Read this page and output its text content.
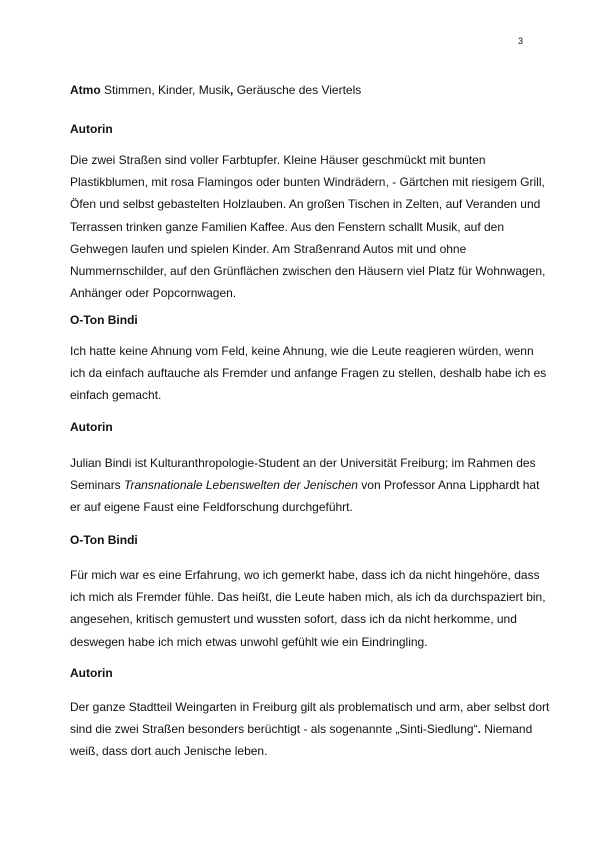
3
Atmo Stimmen, Kinder, Musik, Geräusche des Viertels
Autorin
Die zwei Straßen sind voller Farbtupfer. Kleine Häuser geschmückt mit bunten
Plastikblumen, mit rosa Flamingos oder bunten Windrädern, - Gärtchen mit riesigem Grill,
Öfen und selbst gebastelten Holzlauben. An großen Tischen in Zelten, auf Veranden und
Terrassen trinken ganze Familien Kaffee. Aus den Fenstern schallt Musik, auf den
Gehwegen laufen und spielen Kinder. Am Straßenrand Autos mit und ohne
Nummernschilder, auf den Grünflächen zwischen den Häusern viel Platz für Wohnwagen,
Anhänger oder Popcornwagen.
O-Ton Bindi
Ich hatte keine Ahnung vom Feld, keine Ahnung, wie die Leute reagieren würden, wenn
ich da einfach auftauche als Fremder und anfange Fragen zu stellen, deshalb habe ich es
einfach gemacht.
Autorin
Julian Bindi ist Kulturanthropologie-Student an der Universität Freiburg; im Rahmen des
Seminars Transnationale Lebenswelten der Jenischen von Professor Anna Lipphardt hat
er auf eigene Faust eine Feldforschung durchgeführt.
O-Ton Bindi
Für mich war es eine Erfahrung, wo ich gemerkt habe, dass ich da nicht hingehöre, dass
ich mich als Fremder fühle. Das heißt, die Leute haben mich, als ich da durchspaziert bin,
angesehen, kritisch gemustert und wussten sofort, dass ich da nicht herkomme, und
deswegen habe ich mich etwas unwohl gefühlt wie ein Eindringling.
Autorin
Der ganze Stadtteil Weingarten in Freiburg gilt als problematisch und arm, aber selbst dort
sind die zwei Straßen besonders berüchtigt - als sogenannte „Sinti-Siedlung“. Niemand
weiß, dass dort auch Jenische leben.
